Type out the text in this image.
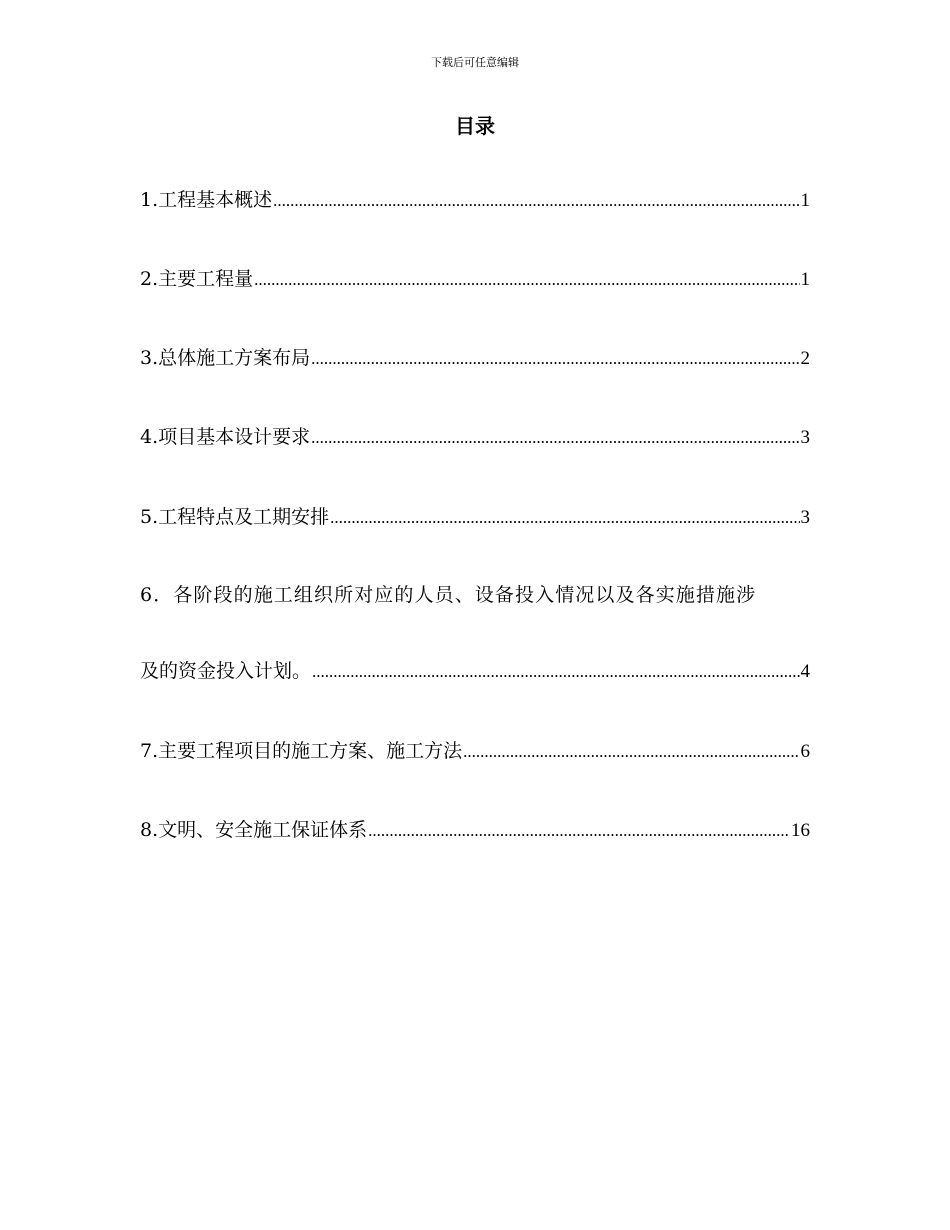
下载后可任意编辑
目录
1.工程基本概述 .....	1
2.主要工程量 .....	1
3.总体施工方案布局 .....	2
4.项目基本设计要求 .....	3
5.工程特点及工期安排 .....	3
6．各阶段的施工组织所对应的人员、设备投入情况以及各实施措施涉
及的资金投入计划。 .....	4
7.主要工程项目的施工方案、施工方法 .....	6
8.文明、安全施工保证体系 .....	16
